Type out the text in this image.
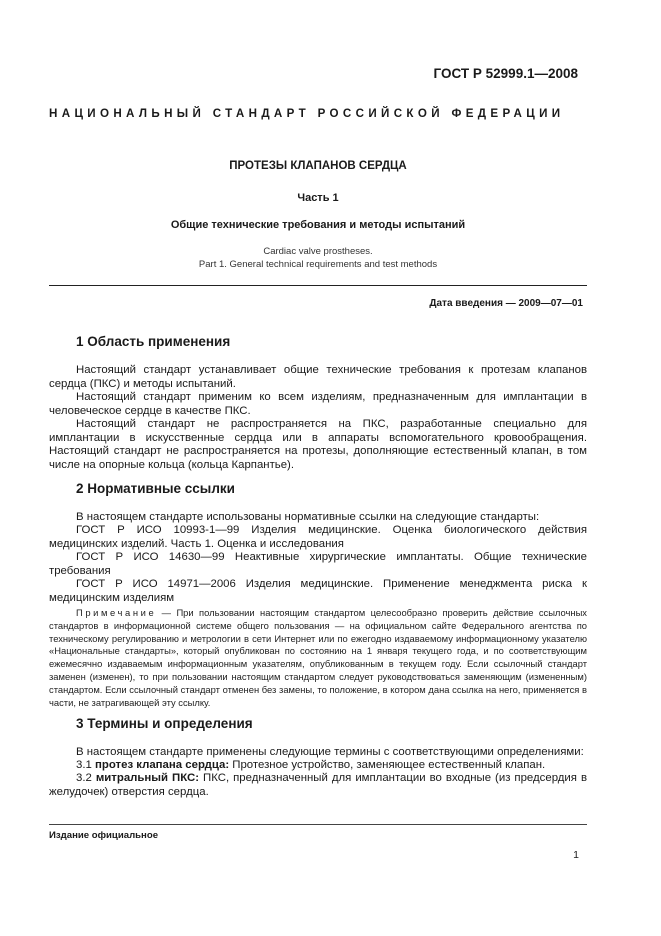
ГОСТ Р 52999.1—2008

НАЦИОНАЛЬНЫЙ СТАНДАРТ РОССИЙСКОЙ ФЕДЕРАЦИИ

ПРОТЕЗЫ КЛАПАНОВ СЕРДЦА

Часть 1

Общие технические требования и методы испытаний

Cardiac valve prostheses.

Part 1. General technical requirements and test methods

Дата введения — 2009—07—01

1 Область применения

Настоящий стандарт устанавливает общие технические требования к протезам клапанов сердца (ПКС) и методы испытаний.

Настоящий стандарт применим ко всем изделиям, предназначенным для имплантации в человеческое сердце в качестве ПКС.

Настоящий стандарт не распространяется на ПКС, разработанные специально для имплантации в искусственные сердца или в аппараты вспомогательного кровообращения. Настоящий стандарт не распространяется на протезы, дополняющие естественный клапан, в том числе на опорные кольца (кольца Карпантье).

2 Нормативные ссылки

В настоящем стандарте использованы нормативные ссылки на следующие стандарты:

ГОСТ Р ИСО 10993-1—99 Изделия медицинские. Оценка биологического действия медицинских изделий. Часть 1. Оценка и исследования

ГОСТ Р ИСО 14630—99 Неактивные хирургические имплантаты. Общие технические требования

ГОСТ Р ИСО 14971—2006 Изделия медицинские. Применение менеджмента риска к медицинским изделиям

Примечание — При пользовании настоящим стандартом целесообразно проверить действие ссылочных стандартов в информационной системе общего пользования — на официальном сайте Федерального агентства по техническому регулированию и метрологии в сети Интернет или по ежегодно издаваемому информационному указателю «Национальные стандарты», который опубликован по состоянию на 1 января текущего года, и по соответствующим ежемесячно издаваемым информационным указателям, опубликованным в текущем году. Если ссылочный стандарт заменен (изменен), то при пользовании настоящим стандартом следует руководствоваться заменяющим (измененным) стандартом. Если ссылочный стандарт отменен без замены, то положение, в котором дана ссылка на него, применяется в части, не затрагивающей эту ссылку.

3 Термины и определения

В настоящем стандарте применены следующие термины с соответствующими определениями:

3.1 протез клапана сердца: Протезное устройство, заменяющее естественный клапан.

3.2 митральный ПКС: ПКС, предназначенный для имплантации во входные (из предсердия в желудочек) отверстия сердца.

Издание официальное

1
